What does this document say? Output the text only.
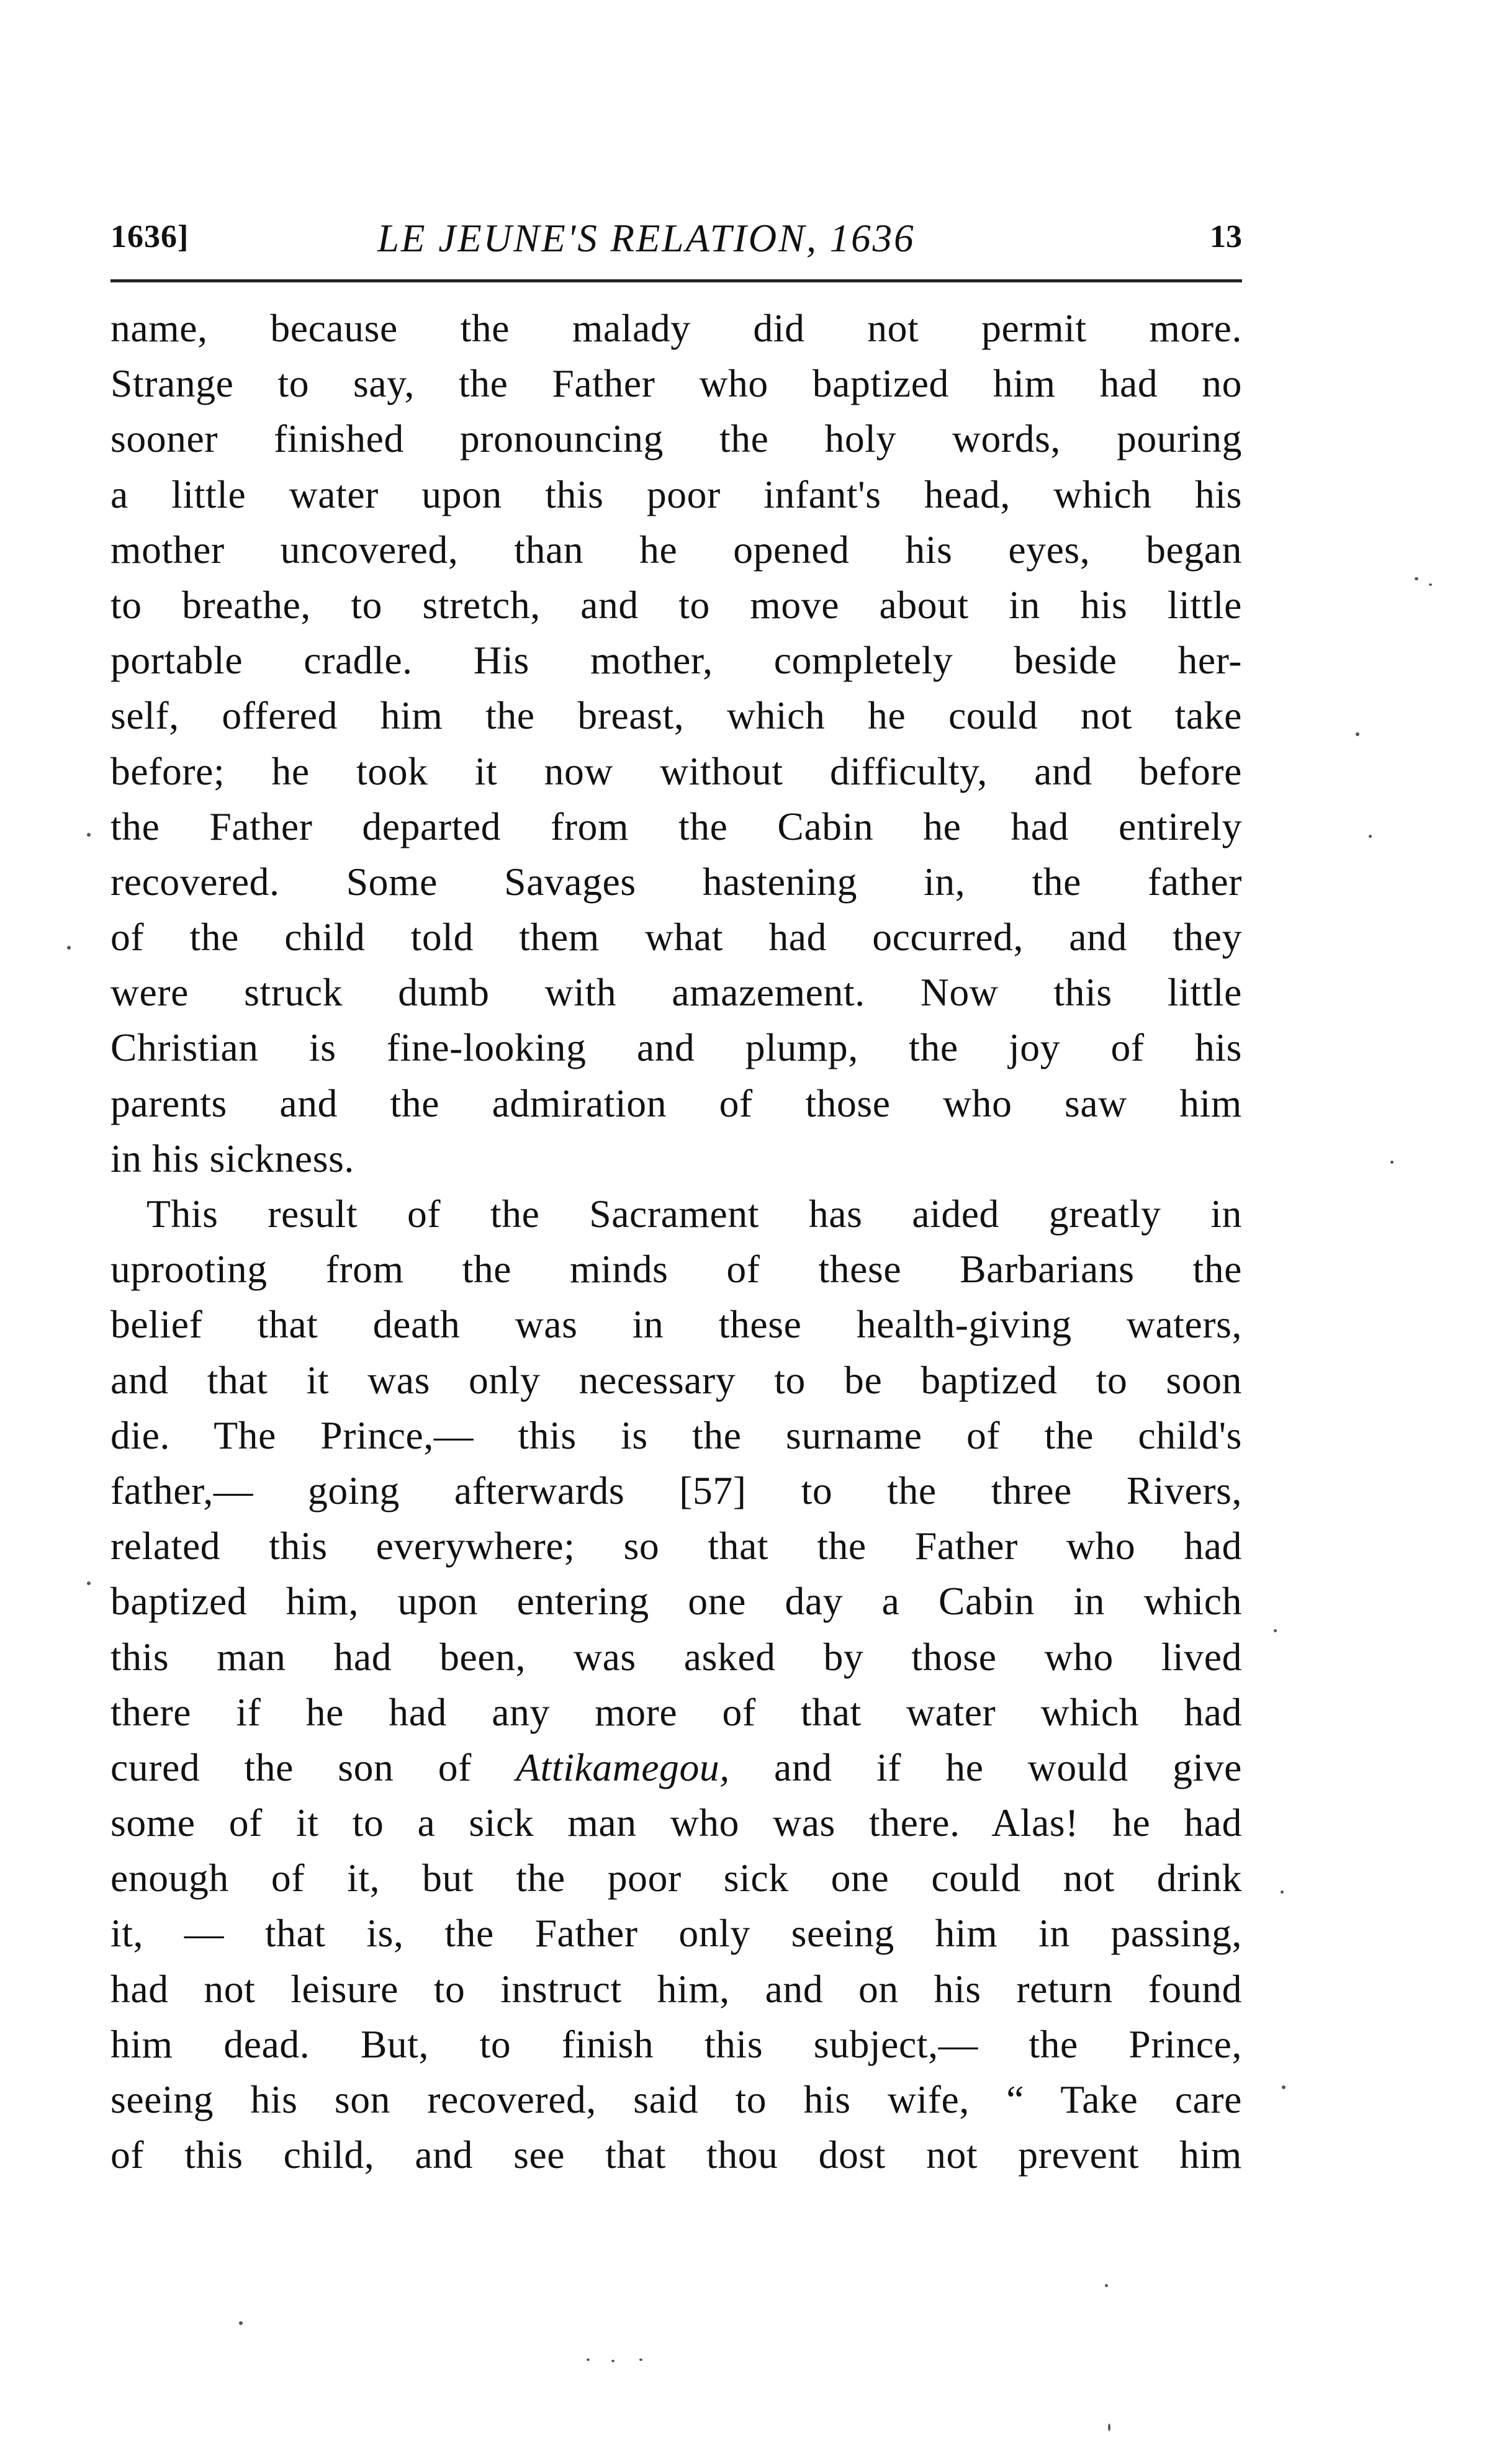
1636]	LE JEUNE'S RELATION, 1636	13
name, because the malady did not permit more.
Strange to say, the Father who baptized him had no
sooner finished pronouncing the holy words, pouring
a little water upon this poor infant's head, which his
mother uncovered, than he opened his eyes, began
to breathe, to stretch, and to move about in his little
portable cradle. His mother, completely beside her-
self, offered him the breast, which he could not take
before; he took it now without difficulty, and before
the Father departed from the Cabin he had entirely
recovered. Some Savages hastening in, the father
of the child told them what had occurred, and they
were struck dumb with amazement. Now this little
Christian is fine-looking and plump, the joy of his
parents and the admiration of those who saw him
in his sickness.
This result of the Sacrament has aided greatly in
uprooting from the minds of these Barbarians the
belief that death was in these health-giving waters,
and that it was only necessary to be baptized to soon
die. The Prince,— this is the surname of the child's
father,— going afterwards [57] to the three Rivers,
related this everywhere; so that the Father who had
baptized him, upon entering one day a Cabin in which
this man had been, was asked by those who lived
there if he had any more of that water which had
cured the son of Attikamegou, and if he would give
some of it to a sick man who was there. Alas! he had
enough of it, but the poor sick one could not drink
it, — that is, the Father only seeing him in passing,
had not leisure to instruct him, and on his return found
him dead. But, to finish this subject,— the Prince,
seeing his son recovered, said to his wife, “ Take care
of this child, and see that thou dost not prevent him
